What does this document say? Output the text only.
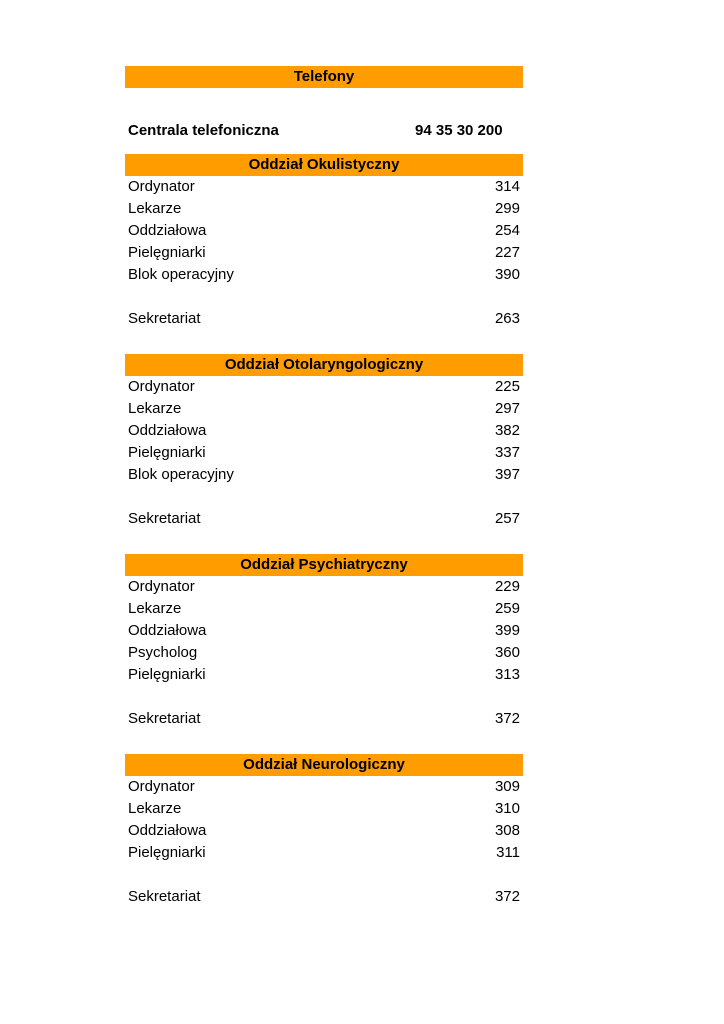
Telefony
Centrala telefoniczna	94 35 30 200
Oddział Okulistyczny
Ordynator	314
Lekarze	299
Oddziałowa	254
Pielęgniarki	227
Blok operacyjny	390
Sekretariat	263
Oddział Otolaryngologiczny
Ordynator	225
Lekarze	297
Oddziałowa	382
Pielęgniarki	337
Blok operacyjny	397
Sekretariat	257
Oddział Psychiatryczny
Ordynator	229
Lekarze	259
Oddziałowa	399
Psycholog	360
Pielęgniarki	313
Sekretariat	372
Oddział Neurologiczny
Ordynator	309
Lekarze	310
Oddziałowa	308
Pielęgniarki	311
Sekretariat	372
